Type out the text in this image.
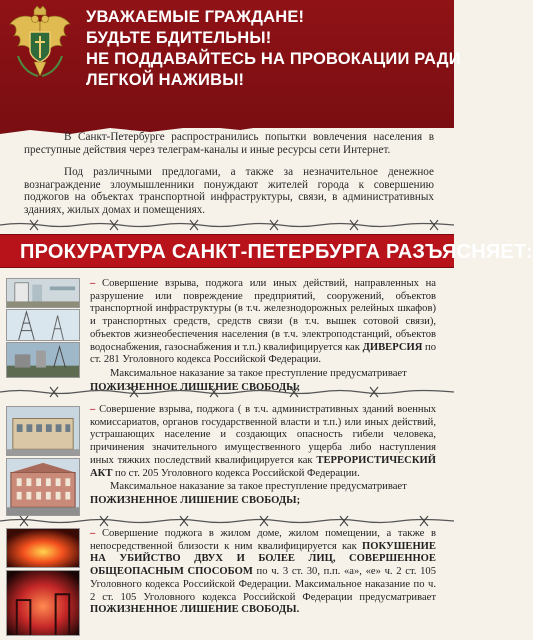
УВАЖАЕМЫЕ ГРАЖДАНЕ!
БУДЬТЕ БДИТЕЛЬНЫ!
НЕ ПОДДАВАЙТЕСЬ НА ПРОВОКАЦИИ РАДИ
ЛЕГКОЙ НАЖИВЫ!

В Санкт-Петербурге распространились попытки вовлечения населения в преступные действия через телеграм-каналы и иные ресурсы сети Интернет.

Под различными предлогами, а также за незначительное денежное вознаграждение злоумышленники понуждают жителей города к совершению поджогов на объектах транспортной инфраструктуры, связи, в административных зданиях, жилых домах и помещениях.

ПРОКУРАТУРА САНКТ-ПЕТЕРБУРГА РАЗЪЯСНЯЕТ:

– Совершение взрыва, поджога или иных действий, направленных на разрушение или повреждение предприятий, сооружений, объектов транспортной инфраструктуры (в т.ч. железнодорожных релейных шкафов) и транспортных средств, средств связи (в т.ч. вышек сотовой связи), объектов жизнеобеспечения населения (в т.ч. электроподстанций, объектов водоснабжения, газоснабжения и т.п.) квалифицируется как ДИВЕРСИЯ по ст. 281 Уголовного кодекса Российской Федерации.

Максимальное наказание за такое преступление предусматривает

ПОЖИЗНЕННОЕ ЛИШЕНИЕ СВОБОДЫ;

– Совершение взрыва, поджога ( в т.ч. административных зданий военных комиссариатов, органов государственной власти и т.п.) или иных действий, устрашающих население и создающих опасность гибели человека, причинения значительного имущественного ущерба либо наступления иных тяжких последствий квалифицируется как ТЕРРОРИСТИЧЕСКИЙ АКТ по ст. 205 Уголовного кодекса Российской Федерации.

Максимальное наказание за такое преступление предусматривает

ПОЖИЗНЕННОЕ ЛИШЕНИЕ СВОБОДЫ;

– Совершение поджога в жилом доме, жилом помещении, а также в непосредственной близости к ним квалифицируется как ПОКУШЕНИЕ НА УБИЙСТВО ДВУХ И БОЛЕЕ ЛИЦ, СОВЕРШЕННОЕ ОБЩЕОПАСНЫМ СПОСОБОМ по ч. 3 ст. 30, п.п. «а», «е» ч. 2 ст. 105 Уголовного кодекса Российской Федерации. Максимальное наказание по ч. 2 ст. 105 Уголовного кодекса Российской Федерации предусматривает ПОЖИЗНЕННОЕ ЛИШЕНИЕ СВОБОДЫ.
